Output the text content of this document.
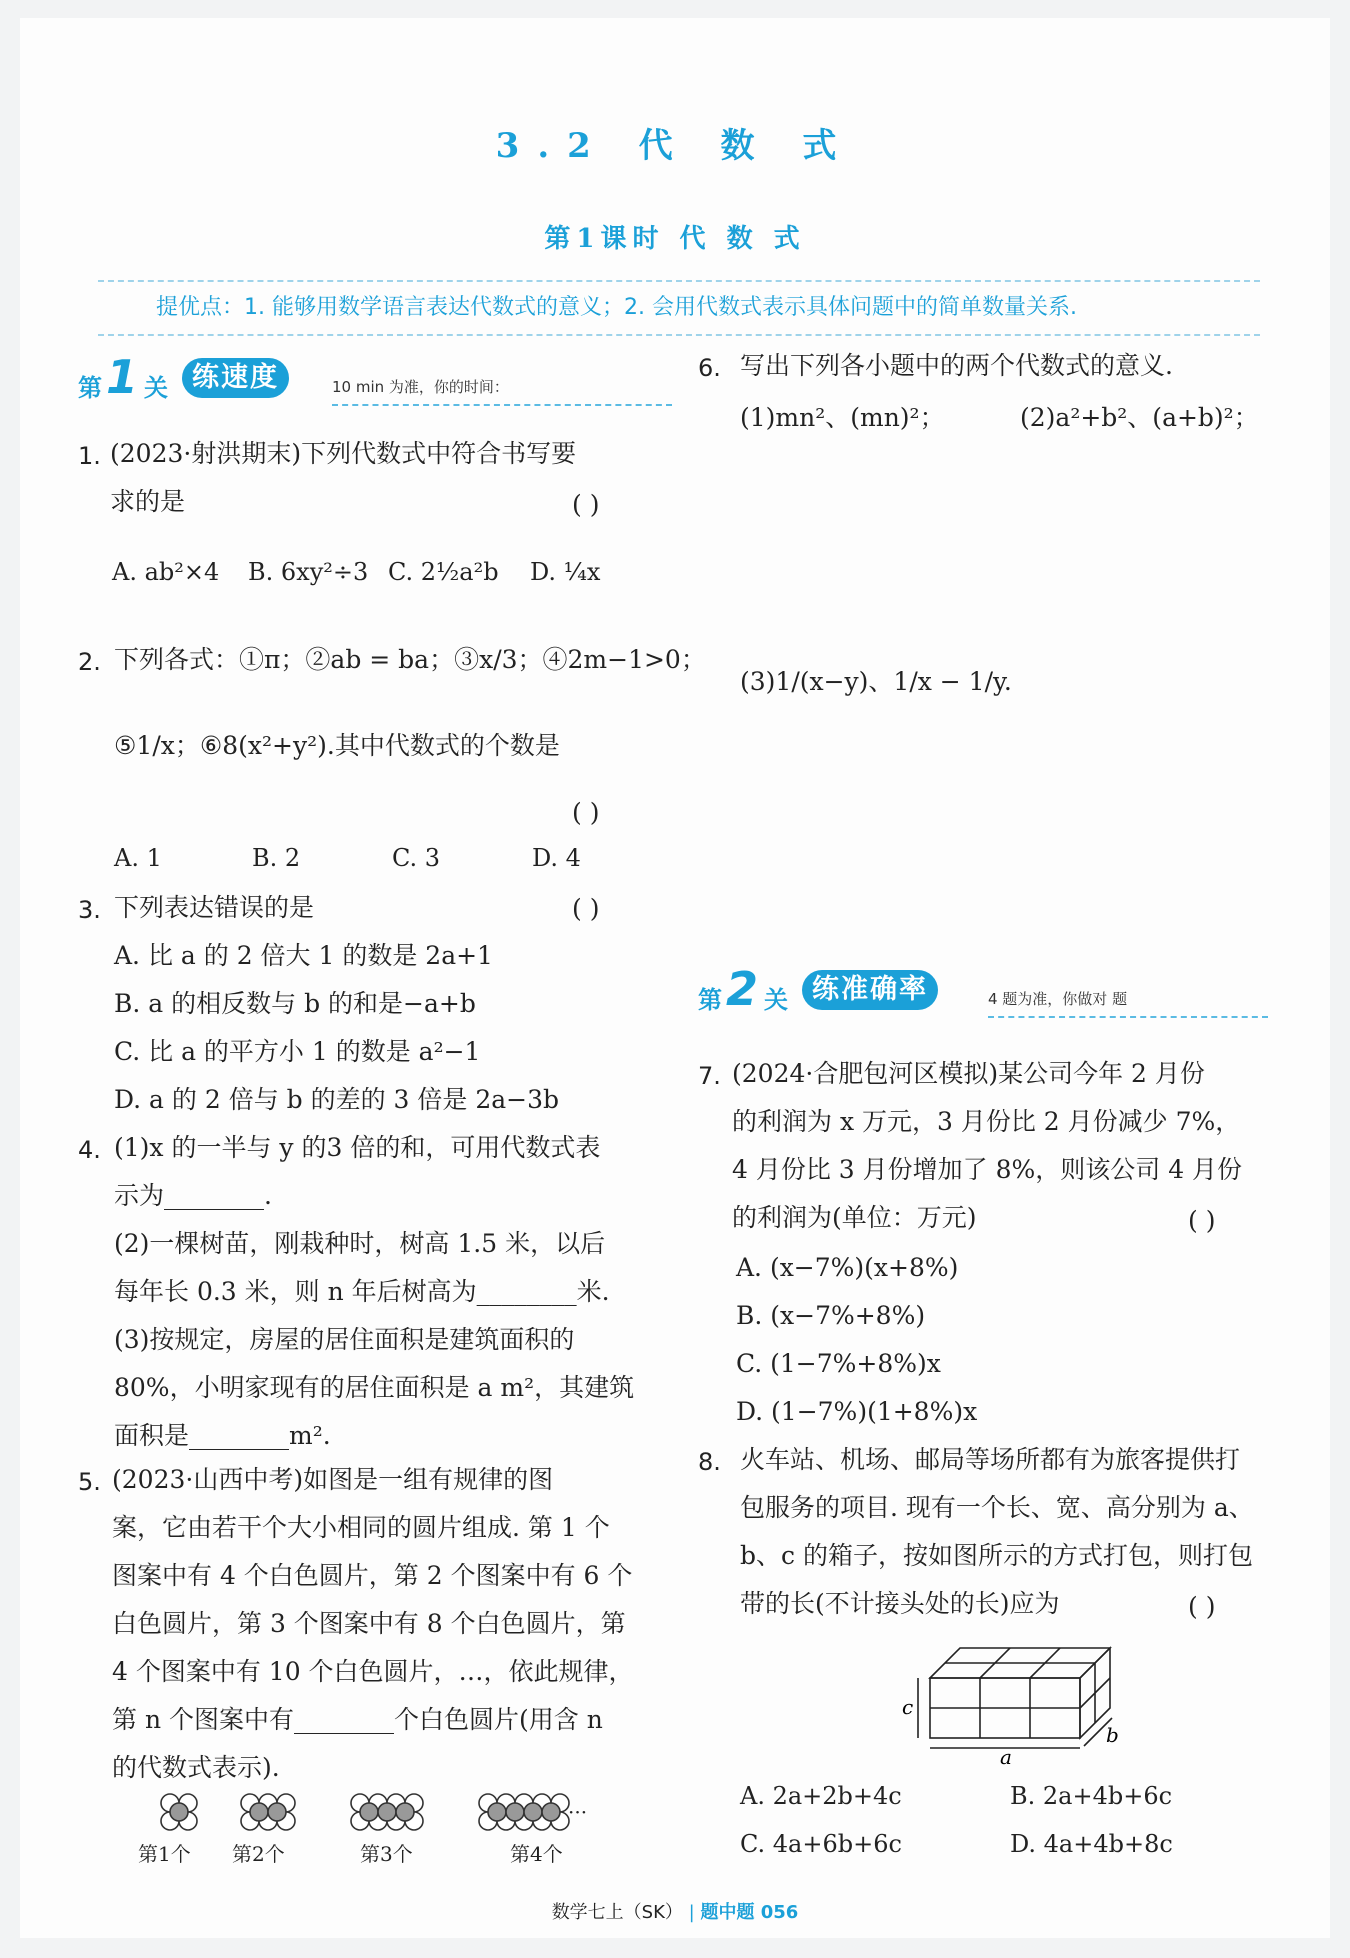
3.2 代 数 式
第1课时 代 数 式
提优点：1. 能够用数学语言表达代数式的意义；2. 会用代数式表示具体问题中的简单数量关系.
第 1 关 练速度	10 min 为准，你的时间：
1. (2023·射洪期末)下列代数式中符合书写要
求的是	( )
A. ab²×4 B. 6xy²÷3 C. 2½a²b D. ¼x
2. 下列各式：①π；②ab = ba；③x/3；④2m−1>0；
⑤1/x；⑥8(x²+y²).其中代数式的个数是
( )
A. 1	B. 2	C. 3	D. 4
3. 下列表达错误的是	( )
A. 比 a 的 2 倍大 1 的数是 2a+1
B. a 的相反数与 b 的和是−a+b
C. 比 a 的平方小 1 的数是 a²−1
D. a 的 2 倍与 b 的差的 3 倍是 2a−3b
4. (1)x 的一半与 y 的3 倍的和，可用代数式表
示为________.
(2)一棵树苗，刚栽种时，树高 1.5 米，以后
每年长 0.3 米，则 n 年后树高为________米.
(3)按规定，房屋的居住面积是建筑面积的
80%，小明家现有的居住面积是 a m²，其建筑
面积是________m².
5. (2023·山西中考)如图是一组有规律的图
案，它由若干个大小相同的圆片组成. 第 1 个
图案中有 4 个白色圆片，第 2 个图案中有 6 个
白色圆片，第 3 个图案中有 8 个白色圆片，第
4 个图案中有 10 个白色圆片，…，依此规律，
第 n 个图案中有________个白色圆片(用含 n
的代数式表示).
···
第1个 第2个	第3个	第4个
6. 写出下列各小题中的两个代数式的意义.
(1)mn²、(mn)²；	(2)a²+b²、(a+b)²；
(3)1/(x−y)、1/x − 1/y.
第 2 关 练准确率	4 题为准，你做对 题
7. (2024·合肥包河区模拟)某公司今年 2 月份
的利润为 x 万元，3 月份比 2 月份减少 7%，
4 月份比 3 月份增加了 8%，则该公司 4 月份
的利润为(单位：万元)	( )
A. (x−7%)(x+8%)
B. (x−7%+8%)
C. (1−7%+8%)x
D. (1−7%)(1+8%)x
8. 火车站、机场、邮局等场所都有为旅客提供打
包服务的项目. 现有一个长、宽、高分别为 a、
b、c 的箱子，按如图所示的方式打包，则打包
带的长(不计接头处的长)应为	( )
a
b
c
A. 2a+2b+4c	B. 2a+4b+6c
C. 4a+6b+6c	D. 4a+4b+8c
数学七上（SK） | 题中题 056
